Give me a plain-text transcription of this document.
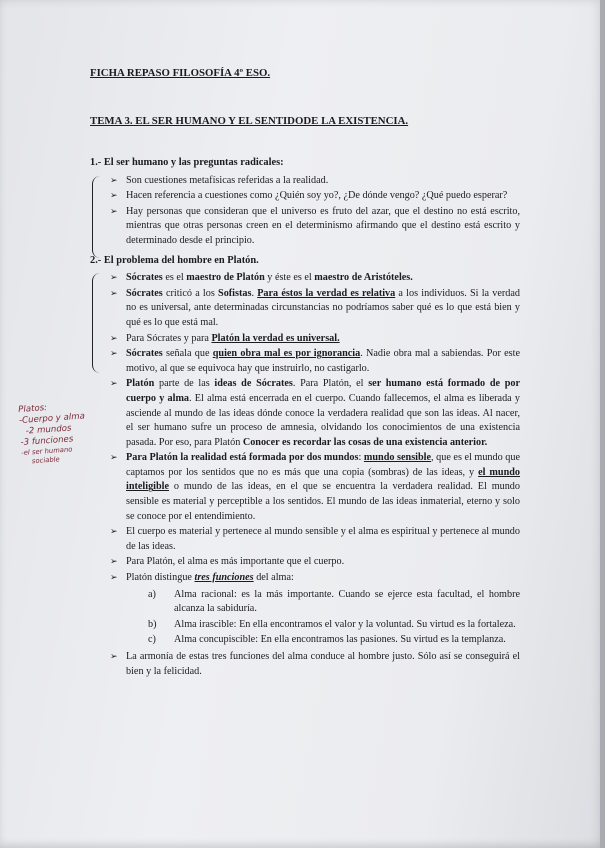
Platos:
-Cuerpo y alma
-2 mundos
-3 funciones
-el ser humano
sociable

FICHA REPASO FILOSOFÍA 4º ESO.

TEMA 3. EL SER HUMANO Y EL SENTIDODE LA EXISTENCIA.

1.- El ser humano y las preguntas radicales:

➢ Son cuestiones metafísicas referidas a la realidad.
➢ Hacen referencia a cuestiones como ¿Quién soy yo?, ¿De dónde vengo? ¿Qué puedo esperar?
➢ Hay personas que consideran que el universo es fruto del azar, que el destino no está escrito, mientras que otras personas creen en el determinismo afirmando que el destino está escrito y determinado desde el principio.

2.- El problema del hombre en Platón.

➢ Sócrates es el maestro de Platón y éste es el maestro de Aristóteles.
➢ Sócrates criticó a los Sofistas. Para éstos la verdad es relativa a los individuos. Si la verdad no es universal, ante determinadas circunstancias no podríamos saber qué es lo que está bien y qué es lo que está mal.
➢ Para Sócrates y para Platón la verdad es universal.
➢ Sócrates señala que quien obra mal es por ignorancia. Nadie obra mal a sabiendas. Por este motivo, al que se equivoca hay que instruirlo, no castigarlo.
➢ Platón parte de las ideas de Sócrates. Para Platón, el ser humano está formado de por cuerpo y alma. El alma está encerrada en el cuerpo. Cuando fallecemos, el alma es liberada y asciende al mundo de las ideas dónde conoce la verdadera realidad que son las ideas. Al nacer, el ser humano sufre un proceso de amnesia, olvidando los conocimientos de una existencia pasada. Por eso, para Platón Conocer es recordar las cosas de una existencia anterior.
➢ Para Platón la realidad está formada por dos mundos: mundo sensible, que es el mundo que captamos por los sentidos que no es más que una copia (sombras) de las ideas, y el mundo inteligible o mundo de las ideas, en el que se encuentra la verdadera realidad. El mundo sensible es material y perceptible a los sentidos. El mundo de las ideas inmaterial, eterno y solo se conoce por el entendimiento.
➢ El cuerpo es material y pertenece al mundo sensible y el alma es espiritual y pertenece al mundo de las ideas.
➢ Para Platón, el alma es más importante que el cuerpo.
➢ Platón distingue tres funciones del alma:
a) Alma racional: es la más importante. Cuando se ejerce esta facultad, el hombre alcanza la sabiduría.
b) Alma irascible: En ella encontramos el valor y la voluntad. Su virtud es la fortaleza.
c) Alma concupiscible: En ella encontramos las pasiones. Su virtud es la templanza.
➢ La armonía de estas tres funciones del alma conduce al hombre justo. Sólo así se conseguirá el bien y la felicidad.
